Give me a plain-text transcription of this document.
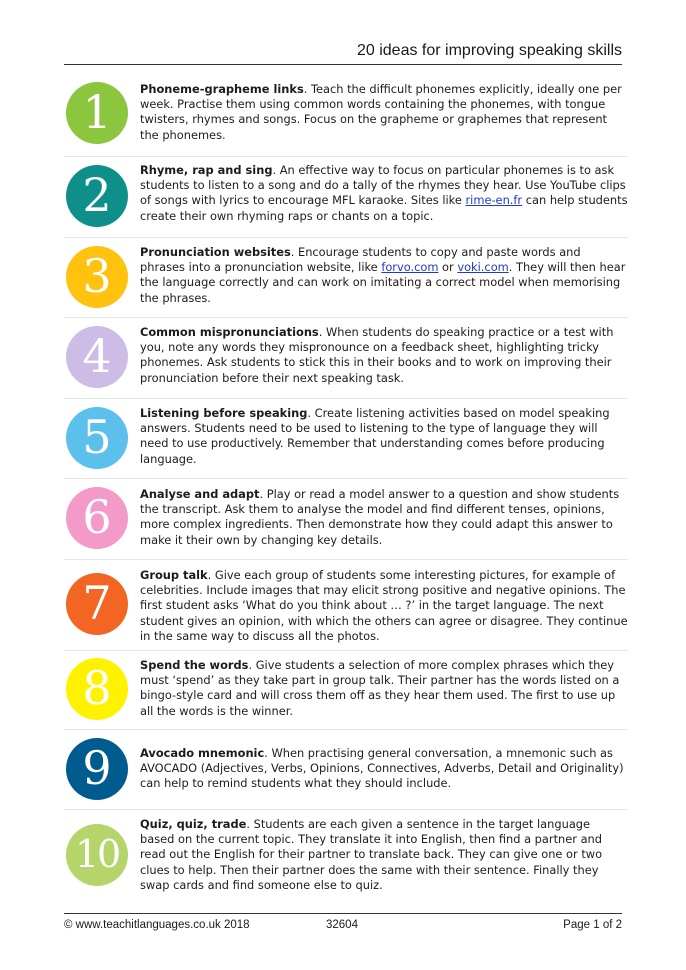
20 ideas for improving speaking skills
1 Phoneme-grapheme links. Teach the difficult phonemes explicitly, ideally one per week. Practise them using common words containing the phonemes, with tongue twisters, rhymes and songs. Focus on the grapheme or graphemes that represent the phonemes.
2 Rhyme, rap and sing. An effective way to focus on particular phonemes is to ask students to listen to a song and do a tally of the rhymes they hear. Use YouTube clips of songs with lyrics to encourage MFL karaoke. Sites like rime-en.fr can help students create their own rhyming raps or chants on a topic.
3 Pronunciation websites. Encourage students to copy and paste words and phrases into a pronunciation website, like forvo.com or voki.com. They will then hear the language correctly and can work on imitating a correct model when memorising the phrases.
4 Common mispronunciations. When students do speaking practice or a test with you, note any words they mispronounce on a feedback sheet, highlighting tricky phonemes. Ask students to stick this in their books and to work on improving their pronunciation before their next speaking task.
5 Listening before speaking. Create listening activities based on model speaking answers. Students need to be used to listening to the type of language they will need to use productively. Remember that understanding comes before producing language.
6 Analyse and adapt. Play or read a model answer to a question and show students the transcript. Ask them to analyse the model and find different tenses, opinions, more complex ingredients. Then demonstrate how they could adapt this answer to make it their own by changing key details.
7
Group talk. Give each group of students some interesting pictures, for example of celebrities. Include images that may elicit strong positive and negative opinions. The first student asks ‘What do you think about … ?’ in the target language. The next student gives an opinion, with which the others can agree or disagree. They continue in the same way to discuss all the photos.
8 Spend the words. Give students a selection of more complex phrases which they must ‘spend’ as they take part in group talk. Their partner has the words listed on a bingo-style card and will cross them off as they hear them used. The first to use up all the words is the winner.
9 Avocado mnemonic. When practising general conversation, a mnemonic such as AVOCADO (Adjectives, Verbs, Opinions, Connectives, Adverbs, Detail and Originality) can help to remind students what they should include.
10
Quiz, quiz, trade. Students are each given a sentence in the target language based on the current topic. They translate it into English, then find a partner and read out the English for their partner to translate back. They can give one or two clues to help. Then their partner does the same with their sentence. Finally they swap cards and find someone else to quiz.
© www.teachitlanguages.co.uk 2018	32604	Page 1 of 2
